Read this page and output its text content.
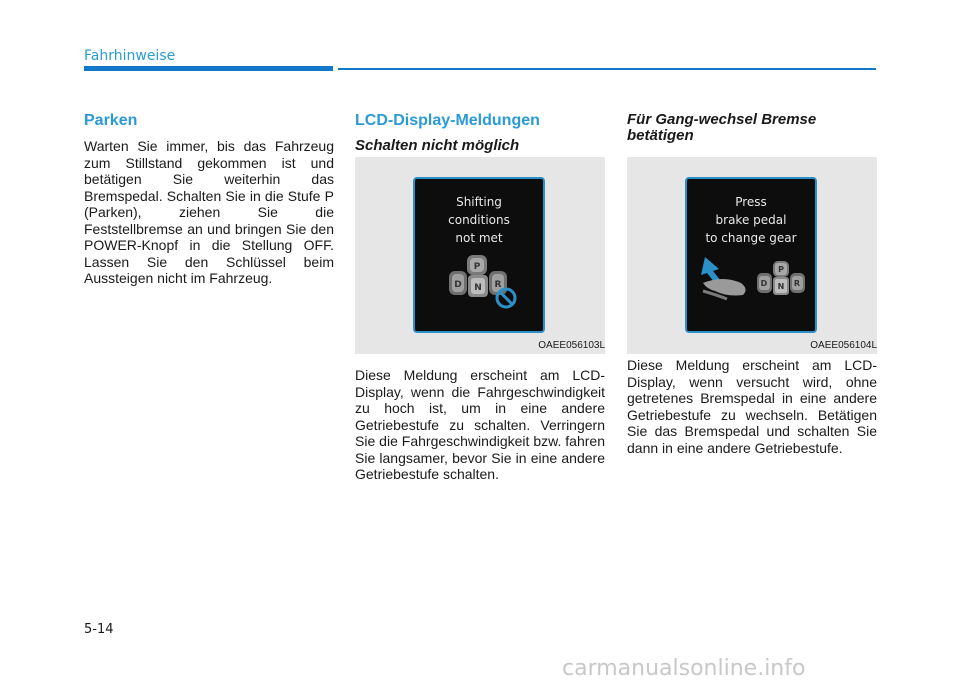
Fahrhinweise
Parken

Warten Sie immer, bis das Fahrzeug zum Stillstand gekommen ist und betätigen Sie weiterhin das Bremspedal. Schalten Sie in die Stufe P (Parken), ziehen Sie die Feststellbremse an und bringen Sie den POWER-Knopf in die Stellung OFF. Lassen Sie den Schlüssel beim Aussteigen nicht im Fahrzeug.

LCD-Display-Meldungen
Schalten nicht möglich
Shifting
conditions
not met
P
D N R
OAEE056103L

Diese Meldung erscheint am LCD-Display, wenn die Fahrgeschwindigkeit zu hoch ist, um in eine andere Getriebestufe zu schalten. Verringern Sie die Fahrgeschwindigkeit bzw. fahren Sie langsamer, bevor Sie in eine andere Getriebestufe schalten.

Für Gang-wechsel Bremse
betätigen
Press
brake pedal
to change gear
P
D N R
OAEE056104L

Diese Meldung erscheint am LCD-Display, wenn versucht wird, ohne getretenes Bremspedal in eine andere Getriebestufe zu wechseln. Betätigen Sie das Bremspedal und schalten Sie dann in eine andere Getriebestufe.

5-14
carmanualsonline.info
